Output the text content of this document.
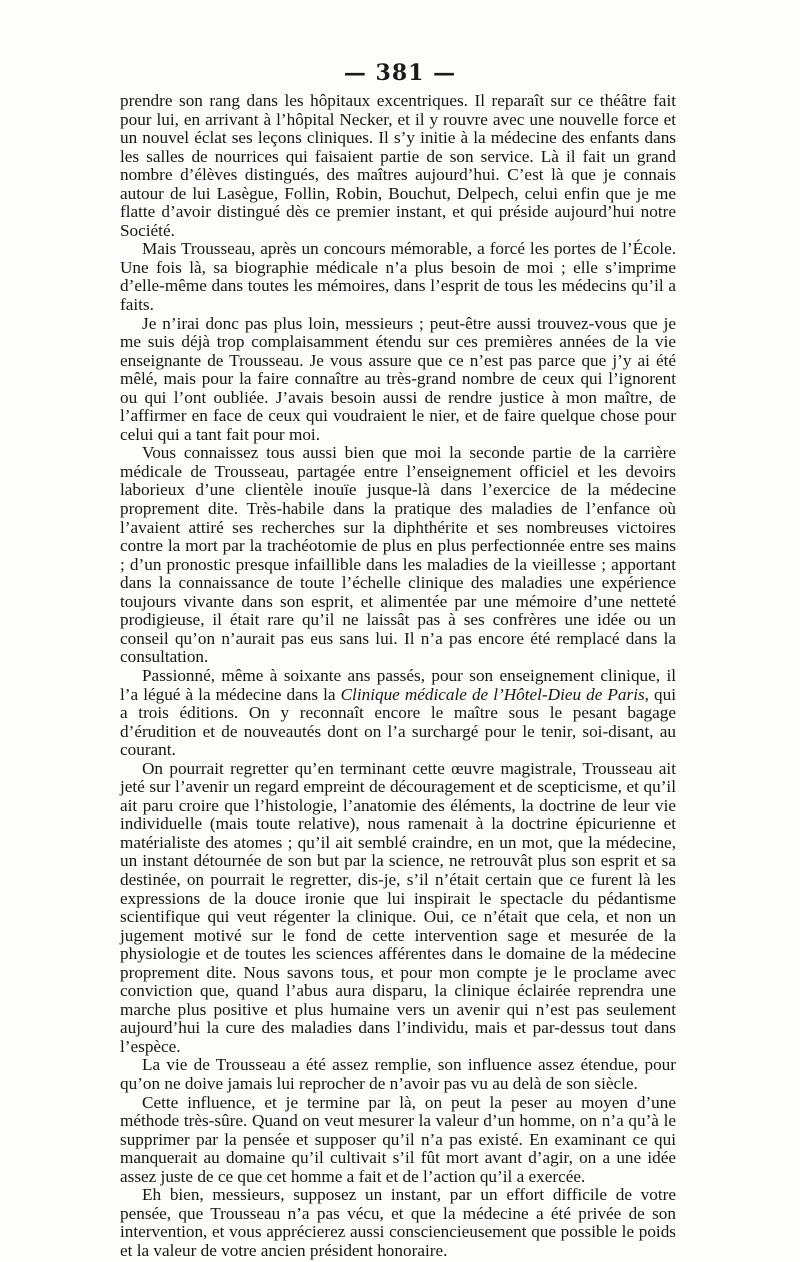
— 381 —

prendre son rang dans les hôpitaux excentriques. Il reparaît sur ce théâtre fait pour lui, en arrivant à l’hôpital Necker, et il y rouvre avec une nouvelle force et un nouvel éclat ses leçons cliniques. Il s’y initie à la médecine des enfants dans les salles de nourrices qui faisaient partie de son service. Là il fait un grand nombre d’élèves distingués, des maîtres aujourd’hui. C’est là que je connais autour de lui Lasègue, Follin, Robin, Bouchut, Delpech, celui enfin que je me flatte d’avoir distingué dès ce premier instant, et qui préside aujourd’hui notre Société.

Mais Trousseau, après un concours mémorable, a forcé les portes de l’École. Une fois là, sa biographie médicale n’a plus besoin de moi ; elle s’imprime d’elle-même dans toutes les mémoires, dans l’esprit de tous les médecins qu’il a faits.

Je n’irai donc pas plus loin, messieurs ; peut-être aussi trouvez-vous que je me suis déjà trop complaisamment étendu sur ces premières années de la vie enseignante de Trousseau. Je vous assure que ce n’est pas parce que j’y ai été mêlé, mais pour la faire connaître au très-grand nombre de ceux qui l’ignorent ou qui l’ont oubliée. J’avais besoin aussi de rendre justice à mon maître, de l’affirmer en face de ceux qui voudraient le nier, et de faire quelque chose pour celui qui a tant fait pour moi.

Vous connaissez tous aussi bien que moi la seconde partie de la carrière médicale de Trousseau, partagée entre l’enseignement officiel et les devoirs laborieux d’une clientèle inouïe jusque-là dans l’exercice de la médecine proprement dite. Très-habile dans la pratique des maladies de l’enfance où l’avaient attiré ses recherches sur la diphthérite et ses nombreuses victoires contre la mort par la trachéotomie de plus en plus perfectionnée entre ses mains ; d’un pronostic presque infaillible dans les maladies de la vieillesse ; apportant dans la connaissance de toute l’échelle clinique des maladies une expérience toujours vivante dans son esprit, et alimentée par une mémoire d’une netteté prodigieuse, il était rare qu’il ne laissât pas à ses confrères une idée ou un conseil qu’on n’aurait pas eus sans lui. Il n’a pas encore été remplacé dans la consultation.

Passionné, même à soixante ans passés, pour son enseignement clinique, il l’a légué à la médecine dans la Clinique médicale de l’Hôtel-Dieu de Paris, qui a trois éditions. On y reconnaît encore le maître sous le pesant bagage d’érudition et de nouveautés dont on l’a surchargé pour le tenir, soi-disant, au courant.

On pourrait regretter qu’en terminant cette œuvre magistrale, Trousseau ait jeté sur l’avenir un regard empreint de découragement et de scepticisme, et qu’il ait paru croire que l’histologie, l’anatomie des éléments, la doctrine de leur vie individuelle (mais toute relative), nous ramenait à la doctrine épicurienne et matérialiste des atomes ; qu’il ait semblé craindre, en un mot, que la médecine, un instant détournée de son but par la science, ne retrouvât plus son esprit et sa destinée, on pourrait le regretter, dis-je, s’il n’était certain que ce furent là les expressions de la douce ironie que lui inspirait le spectacle du pédantisme scientifique qui veut régenter la clinique. Oui, ce n’était que cela, et non un jugement motivé sur le fond de cette intervention sage et mesurée de la physiologie et de toutes les sciences afférentes dans le domaine de la médecine proprement dite. Nous savons tous, et pour mon compte je le proclame avec conviction que, quand l’abus aura disparu, la clinique éclairée reprendra une marche plus positive et plus humaine vers un avenir qui n’est pas seulement aujourd’hui la cure des maladies dans l’individu, mais et par-dessus tout dans l’espèce.

La vie de Trousseau a été assez remplie, son influence assez étendue, pour qu’on ne doive jamais lui reprocher de n’avoir pas vu au delà de son siècle.

Cette influence, et je termine par là, on peut la peser au moyen d’une méthode très-sûre. Quand on veut mesurer la valeur d’un homme, on n’a qu’à le supprimer par la pensée et supposer qu’il n’a pas existé. En examinant ce qui manquerait au domaine qu’il cultivait s’il fût mort avant d’agir, on a une idée assez juste de ce que cet homme a fait et de l’action qu’il a exercée.

Eh bien, messieurs, supposez un instant, par un effort difficile de votre pensée, que Trousseau n’a pas vécu, et que la médecine a été privée de son intervention, et vous apprécierez aussi consciencieusement que possible le poids et la valeur de votre ancien président honoraire.
